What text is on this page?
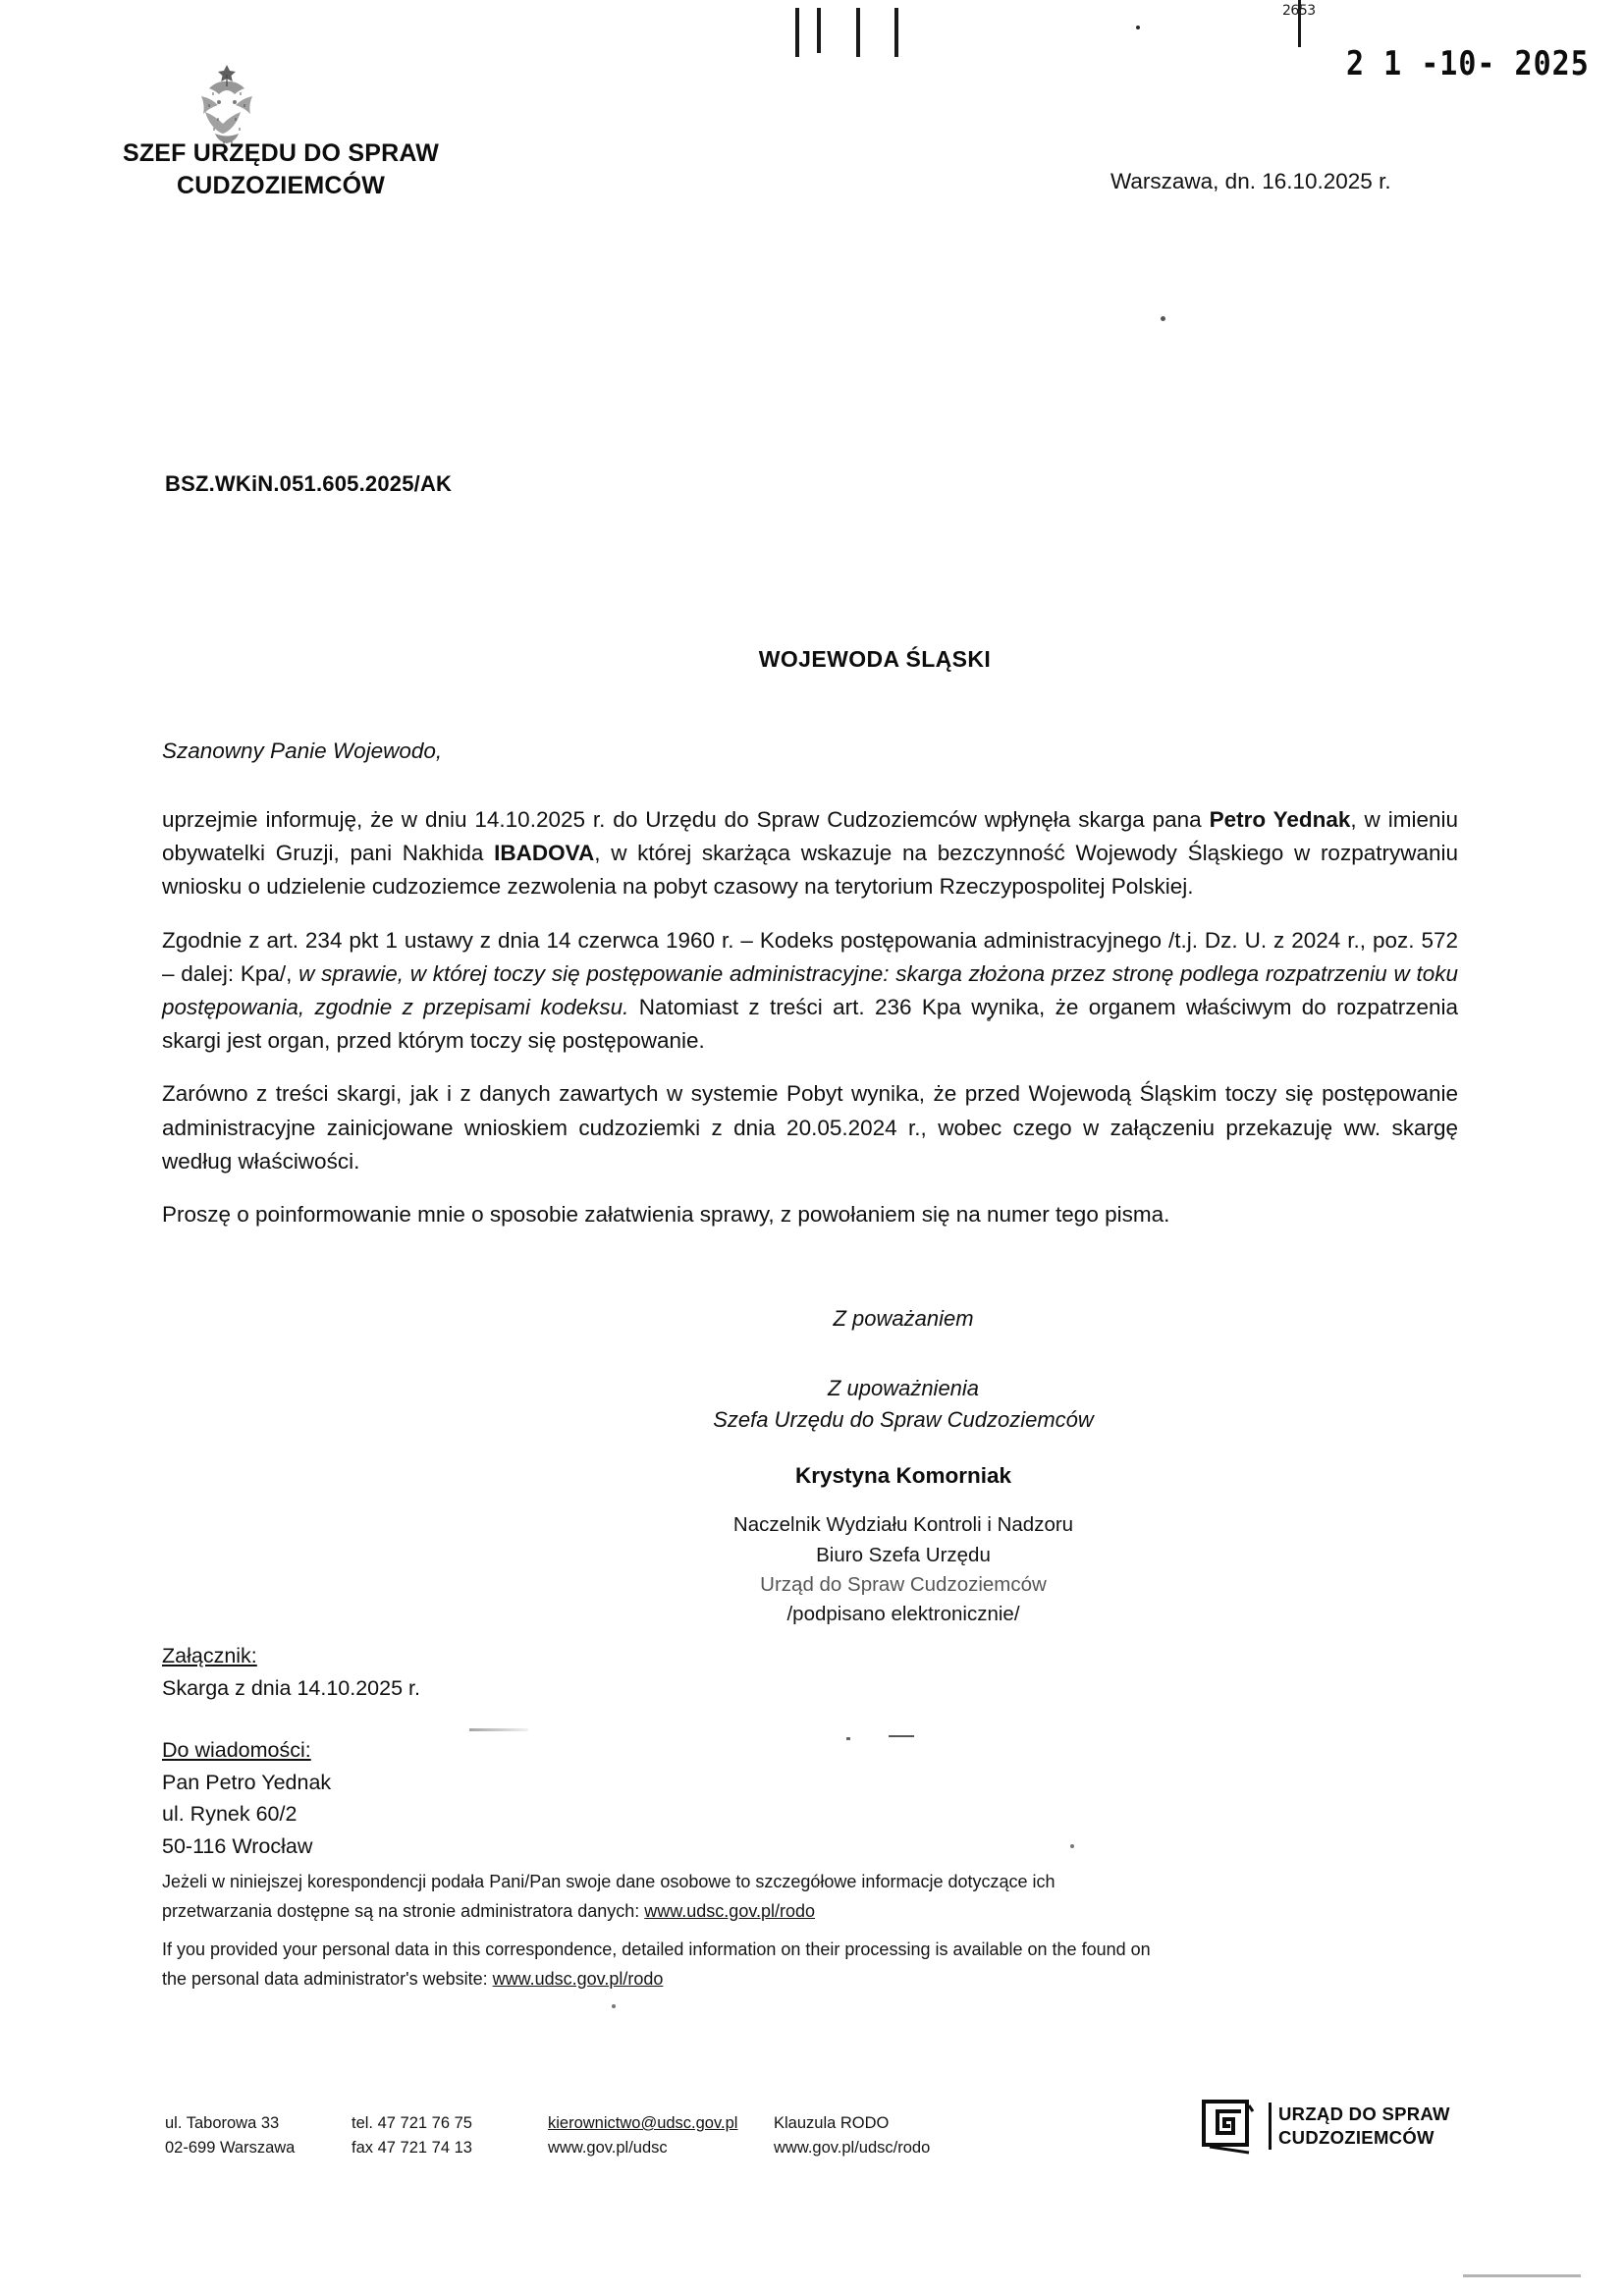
2653
2 1 -10- 2025
SZEF URZĘDU DO SPRAW
CUDZOZIEMCÓW	Warszawa, dn. 16.10.2025 r.
BSZ.WKiN.051.605.2025/AK
WOJEWODA ŚLĄSKI
Szanowny Panie Wojewodo,

uprzejmie informuję, że w dniu 14.10.2025 r. do Urzędu do Spraw Cudzoziemców wpłynęła skarga pana Petro Yednak, w imieniu obywatelki Gruzji, pani Nakhida IBADOVA, w której skarżąca wskazuje na bezczynność Wojewody Śląskiego w rozpatrywaniu wniosku o udzielenie cudzoziemce zezwolenia na pobyt czasowy na terytorium Rzeczypospolitej Polskiej.

Zgodnie z art. 234 pkt 1 ustawy z dnia 14 czerwca 1960 r. – Kodeks postępowania administracyjnego /t.j. Dz. U. z 2024 r., poz. 572 – dalej: Kpa/, w sprawie, w której toczy się postępowanie administracyjne: skarga złożona przez stronę podlega rozpatrzeniu w toku postępowania, zgodnie z przepisami kodeksu. Natomiast z treści art. 236 Kpa wynika, że organem właściwym do rozpatrzenia skargi jest organ, przed którym toczy się postępowanie.

Zarówno z treści skargi, jak i z danych zawartych w systemie Pobyt wynika, że przed Wojewodą Śląskim toczy się postępowanie administracyjne zainicjowane wnioskiem cudzoziemki z dnia 20.05.2024 r., wobec czego w załączeniu przekazuję ww. skargę według właściwości.

Proszę o poinformowanie mnie o sposobie załatwienia sprawy, z powołaniem się na numer tego pisma.

Z poważaniem
Z upoważnienia
Szefa Urzędu do Spraw Cudzoziemców
Krystyna Komorniak
Naczelnik Wydziału Kontroli i Nadzoru
Biuro Szefa Urzędu
Urząd do Spraw Cudzoziemców
/podpisano elektronicznie/
Załącznik:
Skarga z dnia 14.10.2025 r.
Do wiadomości:
Pan Petro Yednak
ul. Rynek 60/2
50-116 Wrocław

Jeżeli w niniejszej korespondencji podała Pani/Pan swoje dane osobowe to szczegółowe informacje dotyczące ich
przetwarzania dostępne są na stronie administratora danych: www.udsc.gov.pl/rodo

If you provided your personal data in this correspondence, detailed information on their processing is available on the found on
the personal data administrator's website: www.udsc.gov.pl/rodo

ul. Taborowa 33
02-699 Warszawa
tel. 47 721 76 75
fax 47 721 74 13
kierownictwo@udsc.gov.pl
www.gov.pl/udsc
Klauzula RODO
www.gov.pl/udsc/rodo
URZĄD DO SPRAW
CUDZOZIEMCÓW
